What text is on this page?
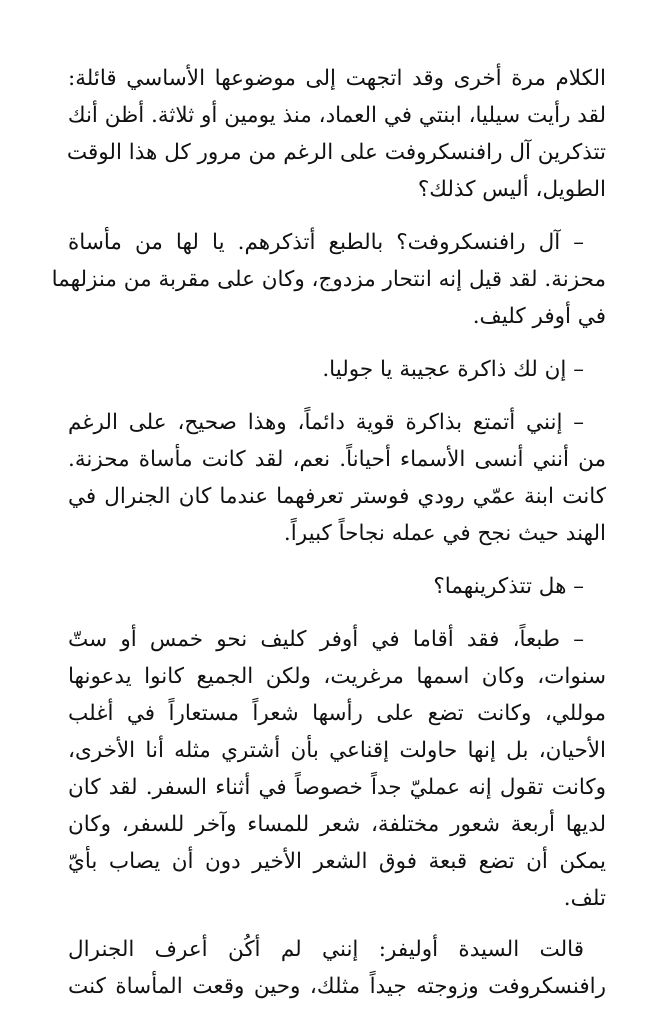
الكلام مرة أخرى وقد اتجهت إلى موضوعها الأساسي قائلة:
لقد رأيت سيليا، ابنتي في العماد، منذ يومين أو ثلاثة. أظن أنك
تتذكرين آل رافنسكروفت على الرغم من مرور كل هذا الوقت
الطويل، أليس كذلك؟

– آل رافنسكروفت؟ بالطبع أتذكرهم. يا لها من مأساة
محزنة. لقد قيل إنه انتحار مزدوج، وكان على مقربة من منزلهما
في أوفر كليف.

– إن لك ذاكرة عجيبة يا جوليا.

– إنني أتمتع بذاكرة قوية دائماً، وهذا صحيح، على الرغم
من أنني أنسى الأسماء أحياناً. نعم، لقد كانت مأساة محزنة.
كانت ابنة عمّي رودي فوستر تعرفهما عندما كان الجنرال في
الهند حيث نجح في عمله نجاحاً كبيراً.

– هل تتذكرينهما؟

– طبعاً، فقد أقاما في أوفر كليف نحو خمس أو ستّ
سنوات، وكان اسمها مرغريت، ولكن الجميع كانوا يدعونها
موللي، وكانت تضع على رأسها شعراً مستعاراً في أغلب
الأحيان، بل إنها حاولت إقناعي بأن أشتري مثله أنا الأخرى،
وكانت تقول إنه عمليّ جداً خصوصاً في أثناء السفر. لقد كان
لديها أربعة شعور مختلفة، شعر للمساء وآخر للسفر، وكان
يمكن أن تضع قبعة فوق الشعر الأخير دون أن يصاب بأيّ
تلف.

قالت السيدة أوليفر: إنني لم أكُن أعرف الجنرال
رافنسكروفت وزوجته جيداً مثلك، وحين وقعت المأساة كنت
